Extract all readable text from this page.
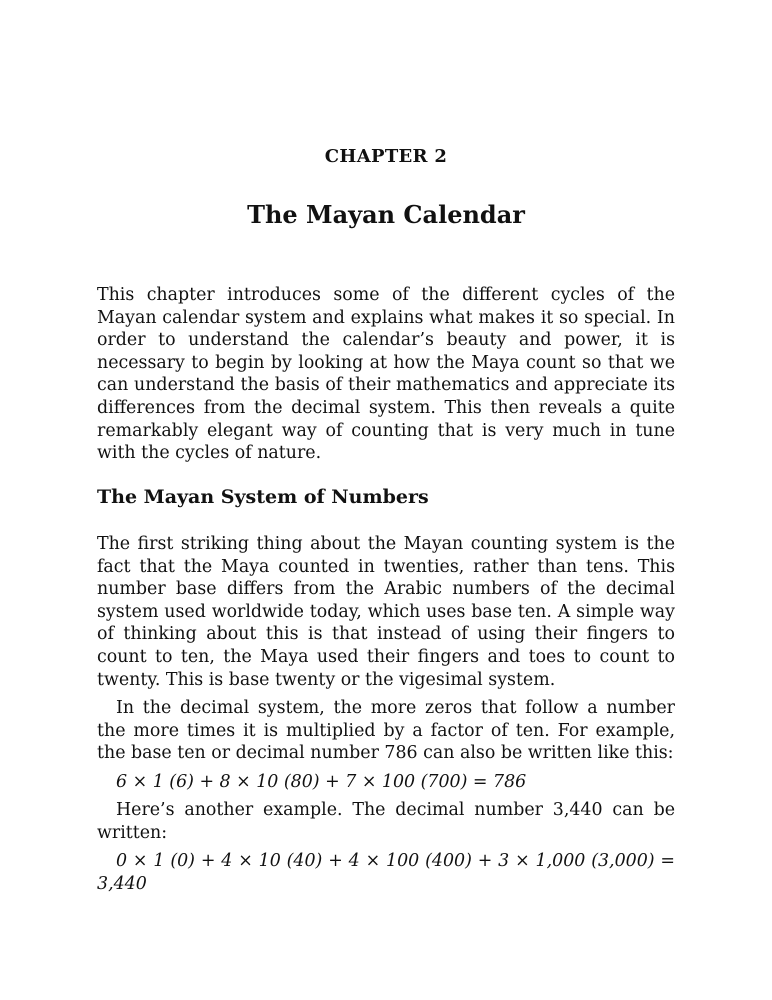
CHAPTER 2
The Mayan Calendar

This chapter introduces some of the different cycles of the Mayan calendar system and explains what makes it so special. In order to understand the calendar’s beauty and power, it is necessary to begin by looking at how the Maya count so that we can understand the basis of their mathematics and appreciate its differences from the decimal system. This then reveals a quite remarkably elegant way of counting that is very much in tune with the cycles of nature.

The Mayan System of Numbers

The first striking thing about the Mayan counting system is the fact that the Maya counted in twenties, rather than tens. This number base differs from the Arabic numbers of the decimal system used worldwide today, which uses base ten. A simple way of thinking about this is that instead of using their fingers to count to ten, the Maya used their fingers and toes to count to twenty. This is base twenty or the vigesimal system.

In the decimal system, the more zeros that follow a number the more times it is multiplied by a factor of ten. For example, the base ten or decimal number 786 can also be written like this:

6 × 1 (6) + 8 × 10 (80) + 7 × 100 (700) = 786

Here’s another example. The decimal number 3,440 can be written:

0 × 1 (0) + 4 × 10 (40) + 4 × 100 (400) + 3 × 1,000 (3,000) = 3,440
